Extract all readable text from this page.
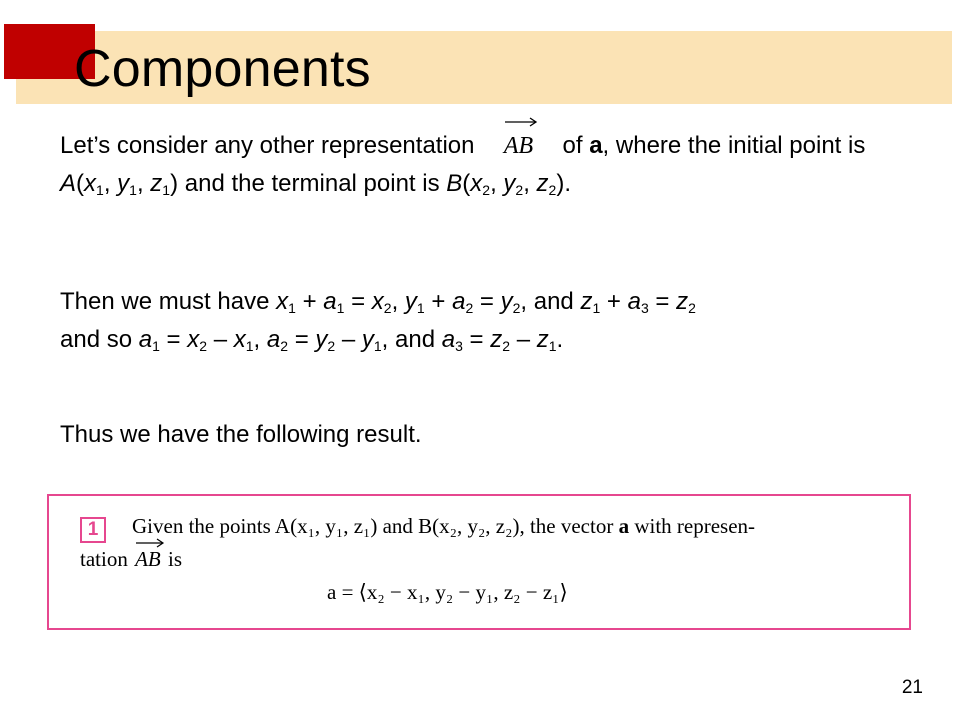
Components

Let’s consider any other representation AB of a, where the initial point is $A(x_1$, $y_1$, $z_1$) and the terminal point is $B(x_2$, $y_2$, $z_2$).

Then we must have $x_1 + a_1 = x_2$, $y_1 + a_2 = y_2$, and $z_1 + a_3 = z_2$
and so $a_1 = x_2 - x_1$, $a_2 = y_2 - y_1$, and $a_3 = z_2 - z_1$.

Thus we have the following result.

1	Given the points A(x₁, y₁, z₁) and B(x₂, y₂, z₂), the vector a with represen-
tation AB is
a = ⟨x₂ − x₁, y₂ − y₁, z₂ − z₁⟩
21
